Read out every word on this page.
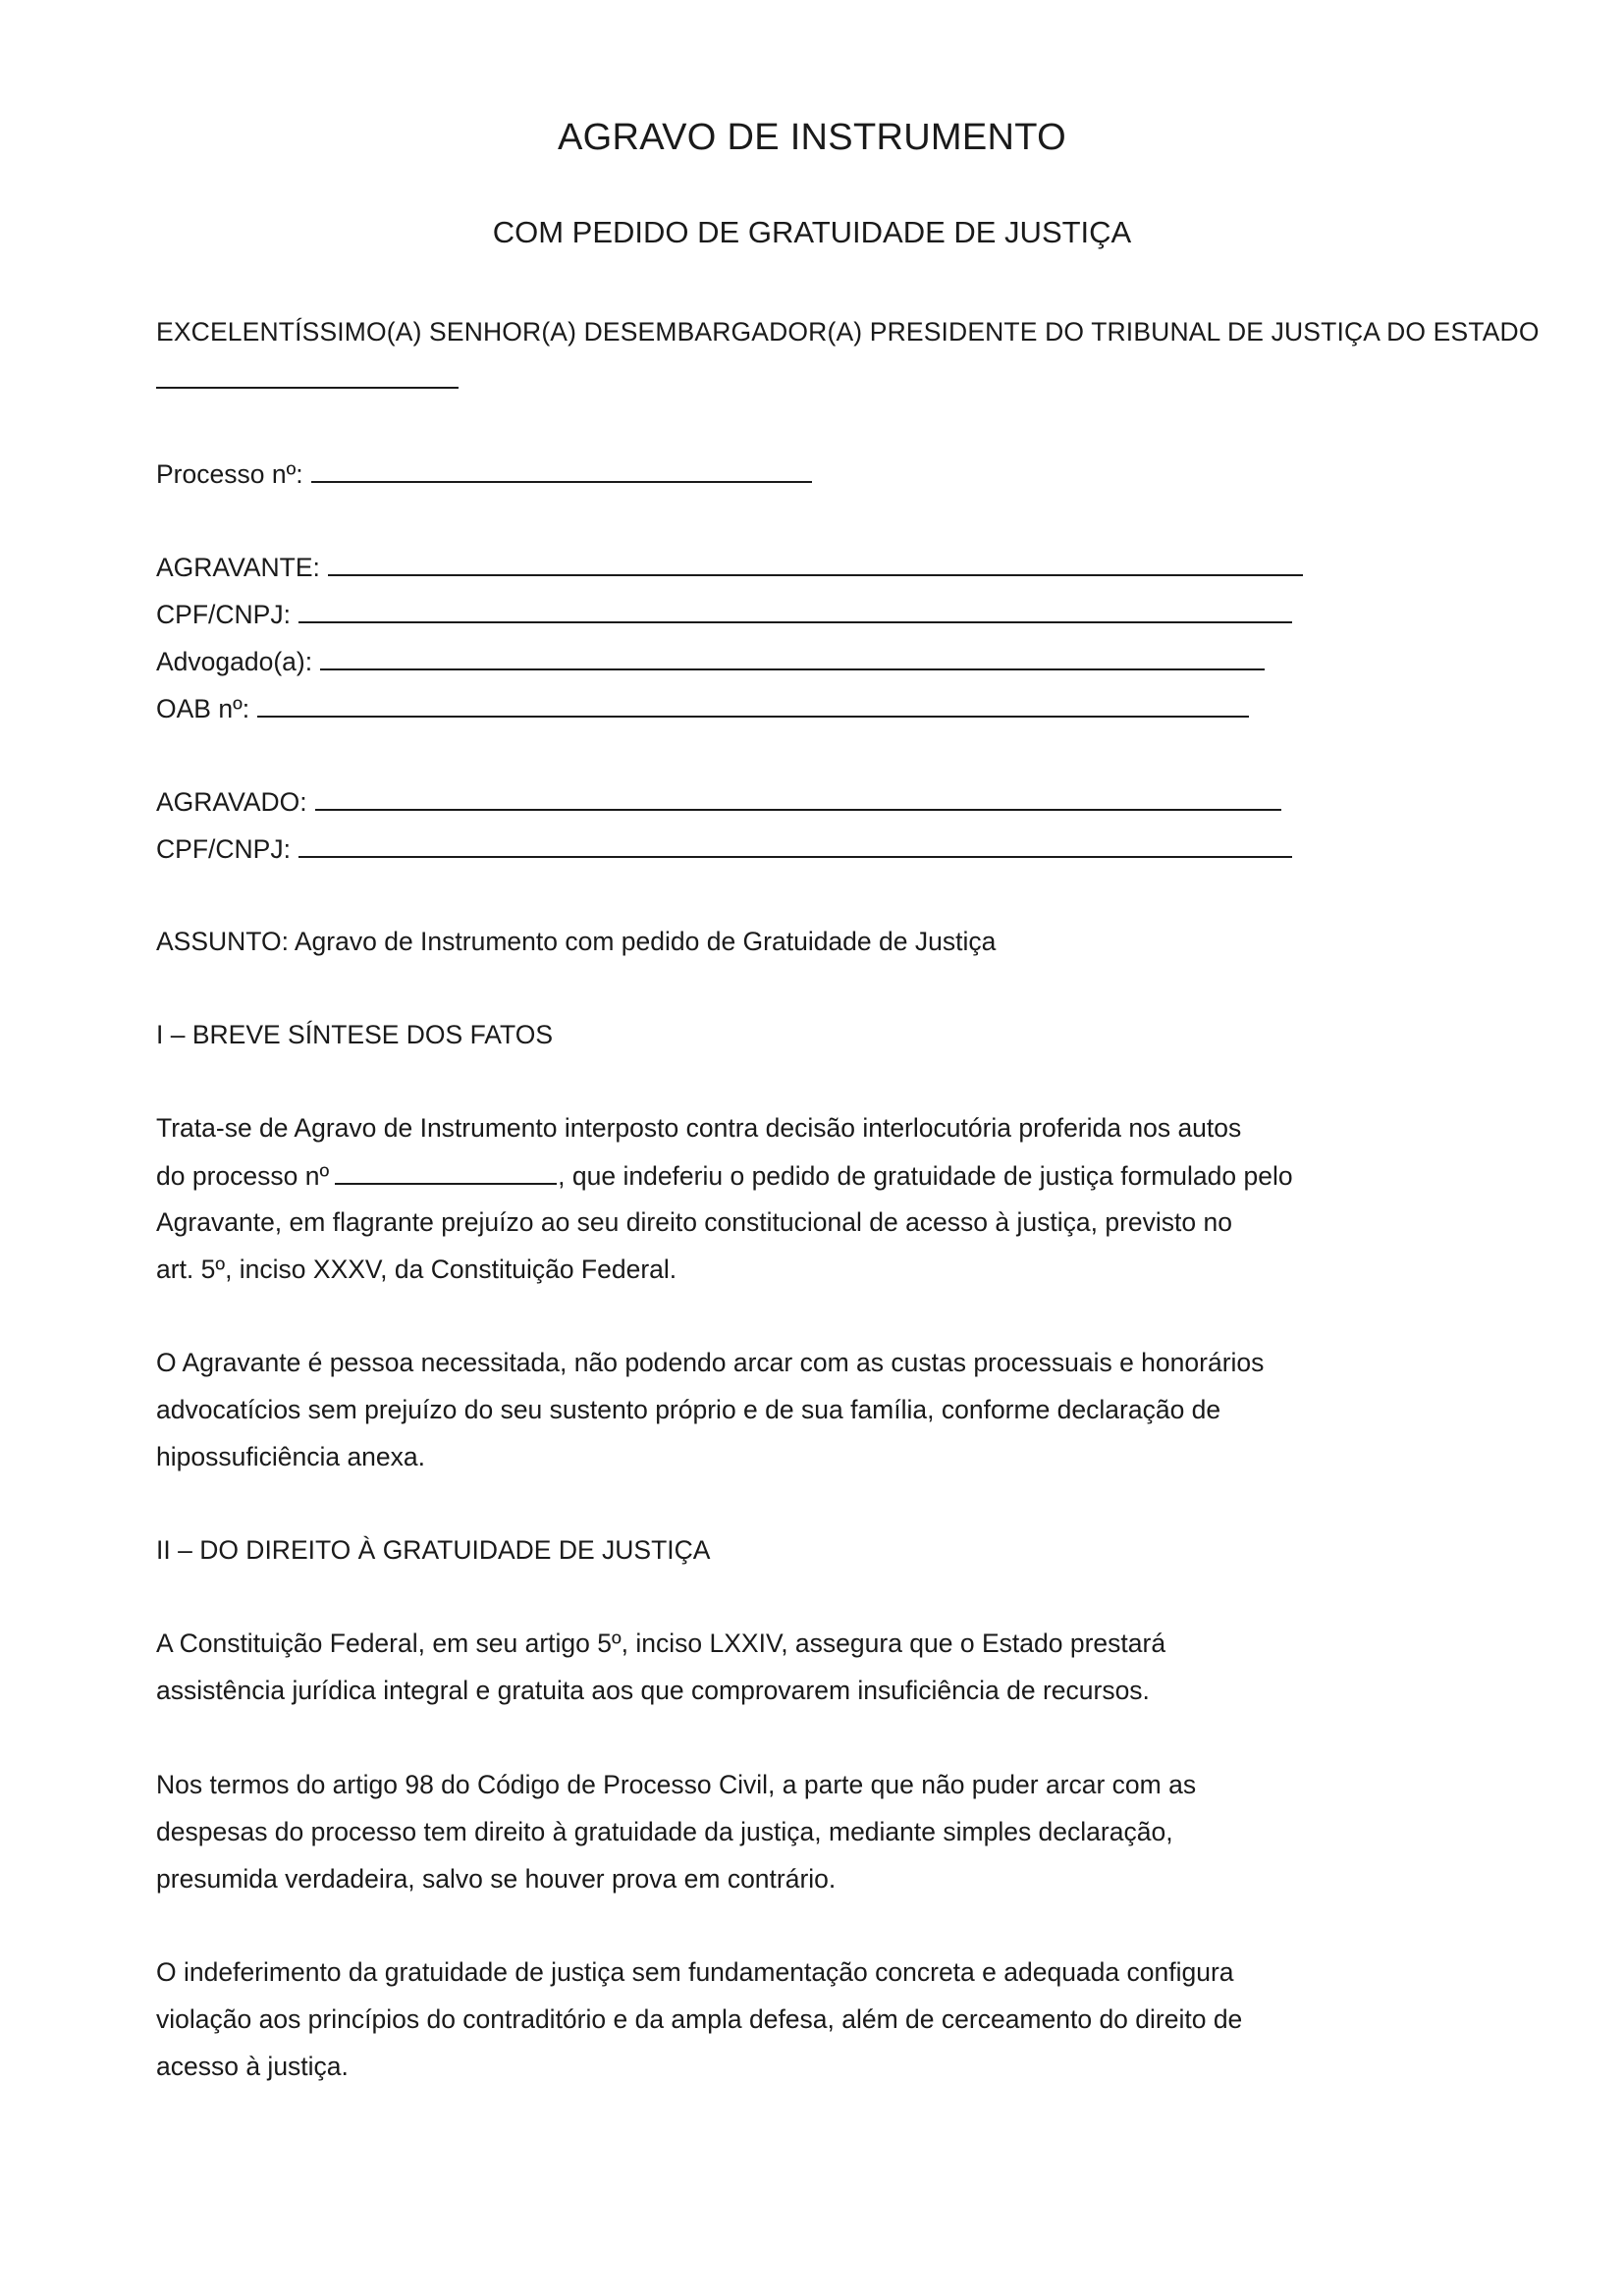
AGRAVO DE INSTRUMENTO
COM PEDIDO DE GRATUIDADE DE JUSTIÇA

EXCELENTÍSSIMO(A) SENHOR(A) DESEMBARGADOR(A) PRESIDENTE DO TRIBUNAL DE JUSTIÇA DO ESTADO

Processo nº:

AGRAVANTE:

CPF/CNPJ:

Advogado(a):

OAB nº:

AGRAVADO:

CPF/CNPJ:

ASSUNTO: Agravo de Instrumento com pedido de Gratuidade de Justiça

I – BREVE SÍNTESE DOS FATOS

Trata-se de Agravo de Instrumento interposto contra decisão interlocutória proferida nos autos

do processo nº	, que indeferiu o pedido de gratuidade de justiça formulado pelo

Agravante, em flagrante prejuízo ao seu direito constitucional de acesso à justiça, previsto no

art. 5º, inciso XXXV, da Constituição Federal.

O Agravante é pessoa necessitada, não podendo arcar com as custas processuais e honorários

advocatícios sem prejuízo do seu sustento próprio e de sua família, conforme declaração de

hipossuficiência anexa.

II – DO DIREITO À GRATUIDADE DE JUSTIÇA

A Constituição Federal, em seu artigo 5º, inciso LXXIV, assegura que o Estado prestará

assistência jurídica integral e gratuita aos que comprovarem insuficiência de recursos.

Nos termos do artigo 98 do Código de Processo Civil, a parte que não puder arcar com as

despesas do processo tem direito à gratuidade da justiça, mediante simples declaração,

presumida verdadeira, salvo se houver prova em contrário.

O indeferimento da gratuidade de justiça sem fundamentação concreta e adequada configura

violação aos princípios do contraditório e da ampla defesa, além de cerceamento do direito de

acesso à justiça.
